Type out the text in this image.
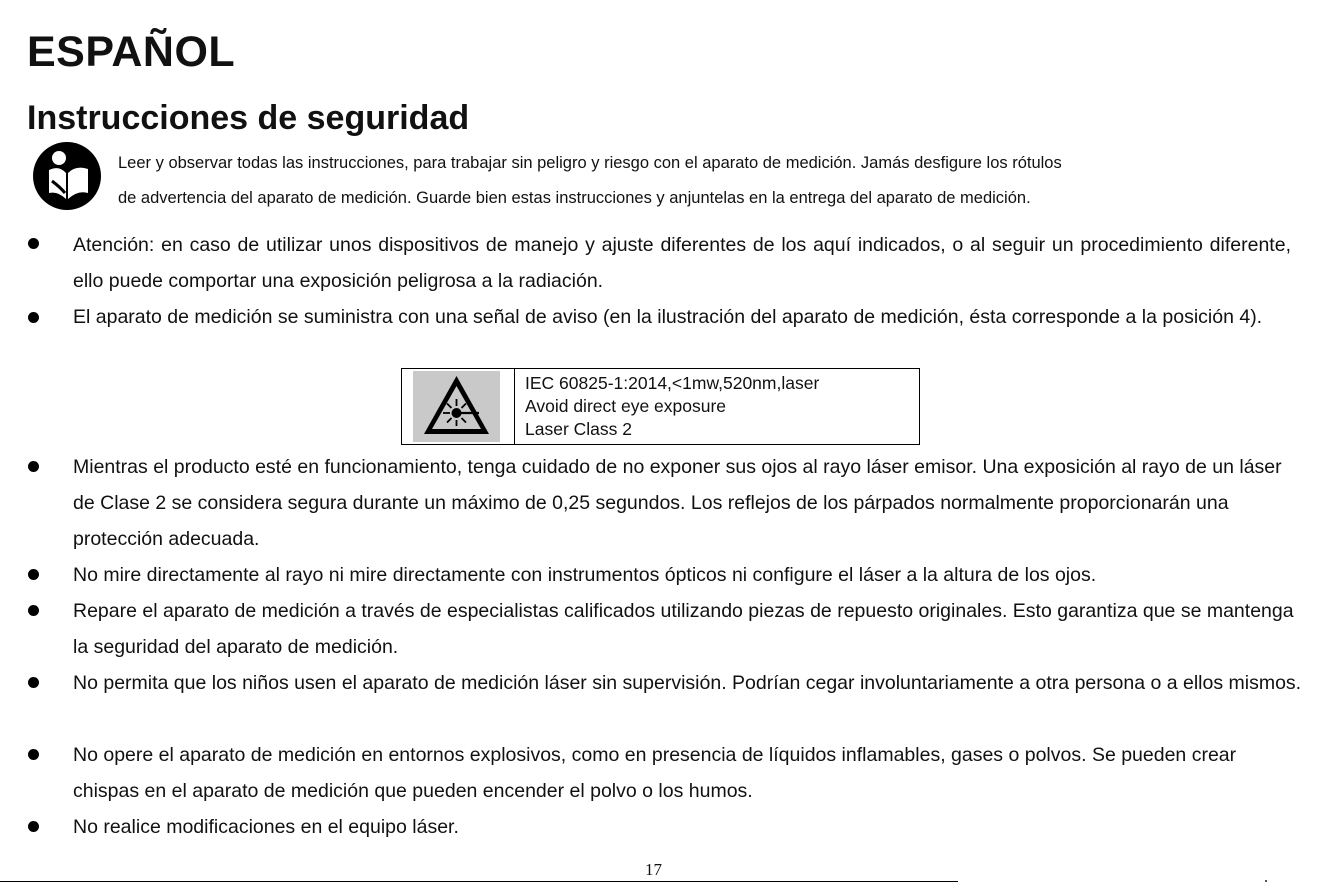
ESPAÑOL
Instrucciones de seguridad

Leer y observar todas las instrucciones, para trabajar sin peligro y riesgo con el aparato de medición. Jamás desfigure los rótulos

de advertencia del aparato de medición. Guarde bien estas instrucciones y anjuntelas en la entrega del aparato de medición.

Atención: en caso de utilizar unos dispositivos de manejo y ajuste diferentes de los aquí indicados, o al seguir un procedimiento diferente, ello puede comportar una exposición peligrosa a la radiación.

El aparato de medición se suministra con una señal de aviso (en la ilustración del aparato de medición, ésta corresponde a la posición 4).

Mientras el producto esté en funcionamiento, tenga cuidado de no exponer sus ojos al rayo láser emisor. Una exposición al rayo de un láser de Clase 2 se considera segura durante un máximo de 0,25 segundos. Los reflejos de los párpados normalmente proporcionarán una protección adecuada.

No mire directamente al rayo ni mire directamente con instrumentos ópticos ni configure el láser a la altura de los ojos.

Repare el aparato de medición a través de especialistas calificados utilizando piezas de repuesto originales. Esto garantiza que se mantenga la seguridad del aparato de medición.

No permita que los niños usen el aparato de medición láser sin supervisión. Podrían cegar involuntariamente a otra persona o a ellos mismos.

No opere el aparato de medición en entornos explosivos, como en presencia de líquidos inflamables, gases o polvos. Se pueden crear chispas en el aparato de medición que pueden encender el polvo o los humos.

No realice modificaciones en el equipo láser.

IEC 60825-1:2014,<1mw,520nm,laser
Avoid direct eye exposure
Laser Class 2
17
